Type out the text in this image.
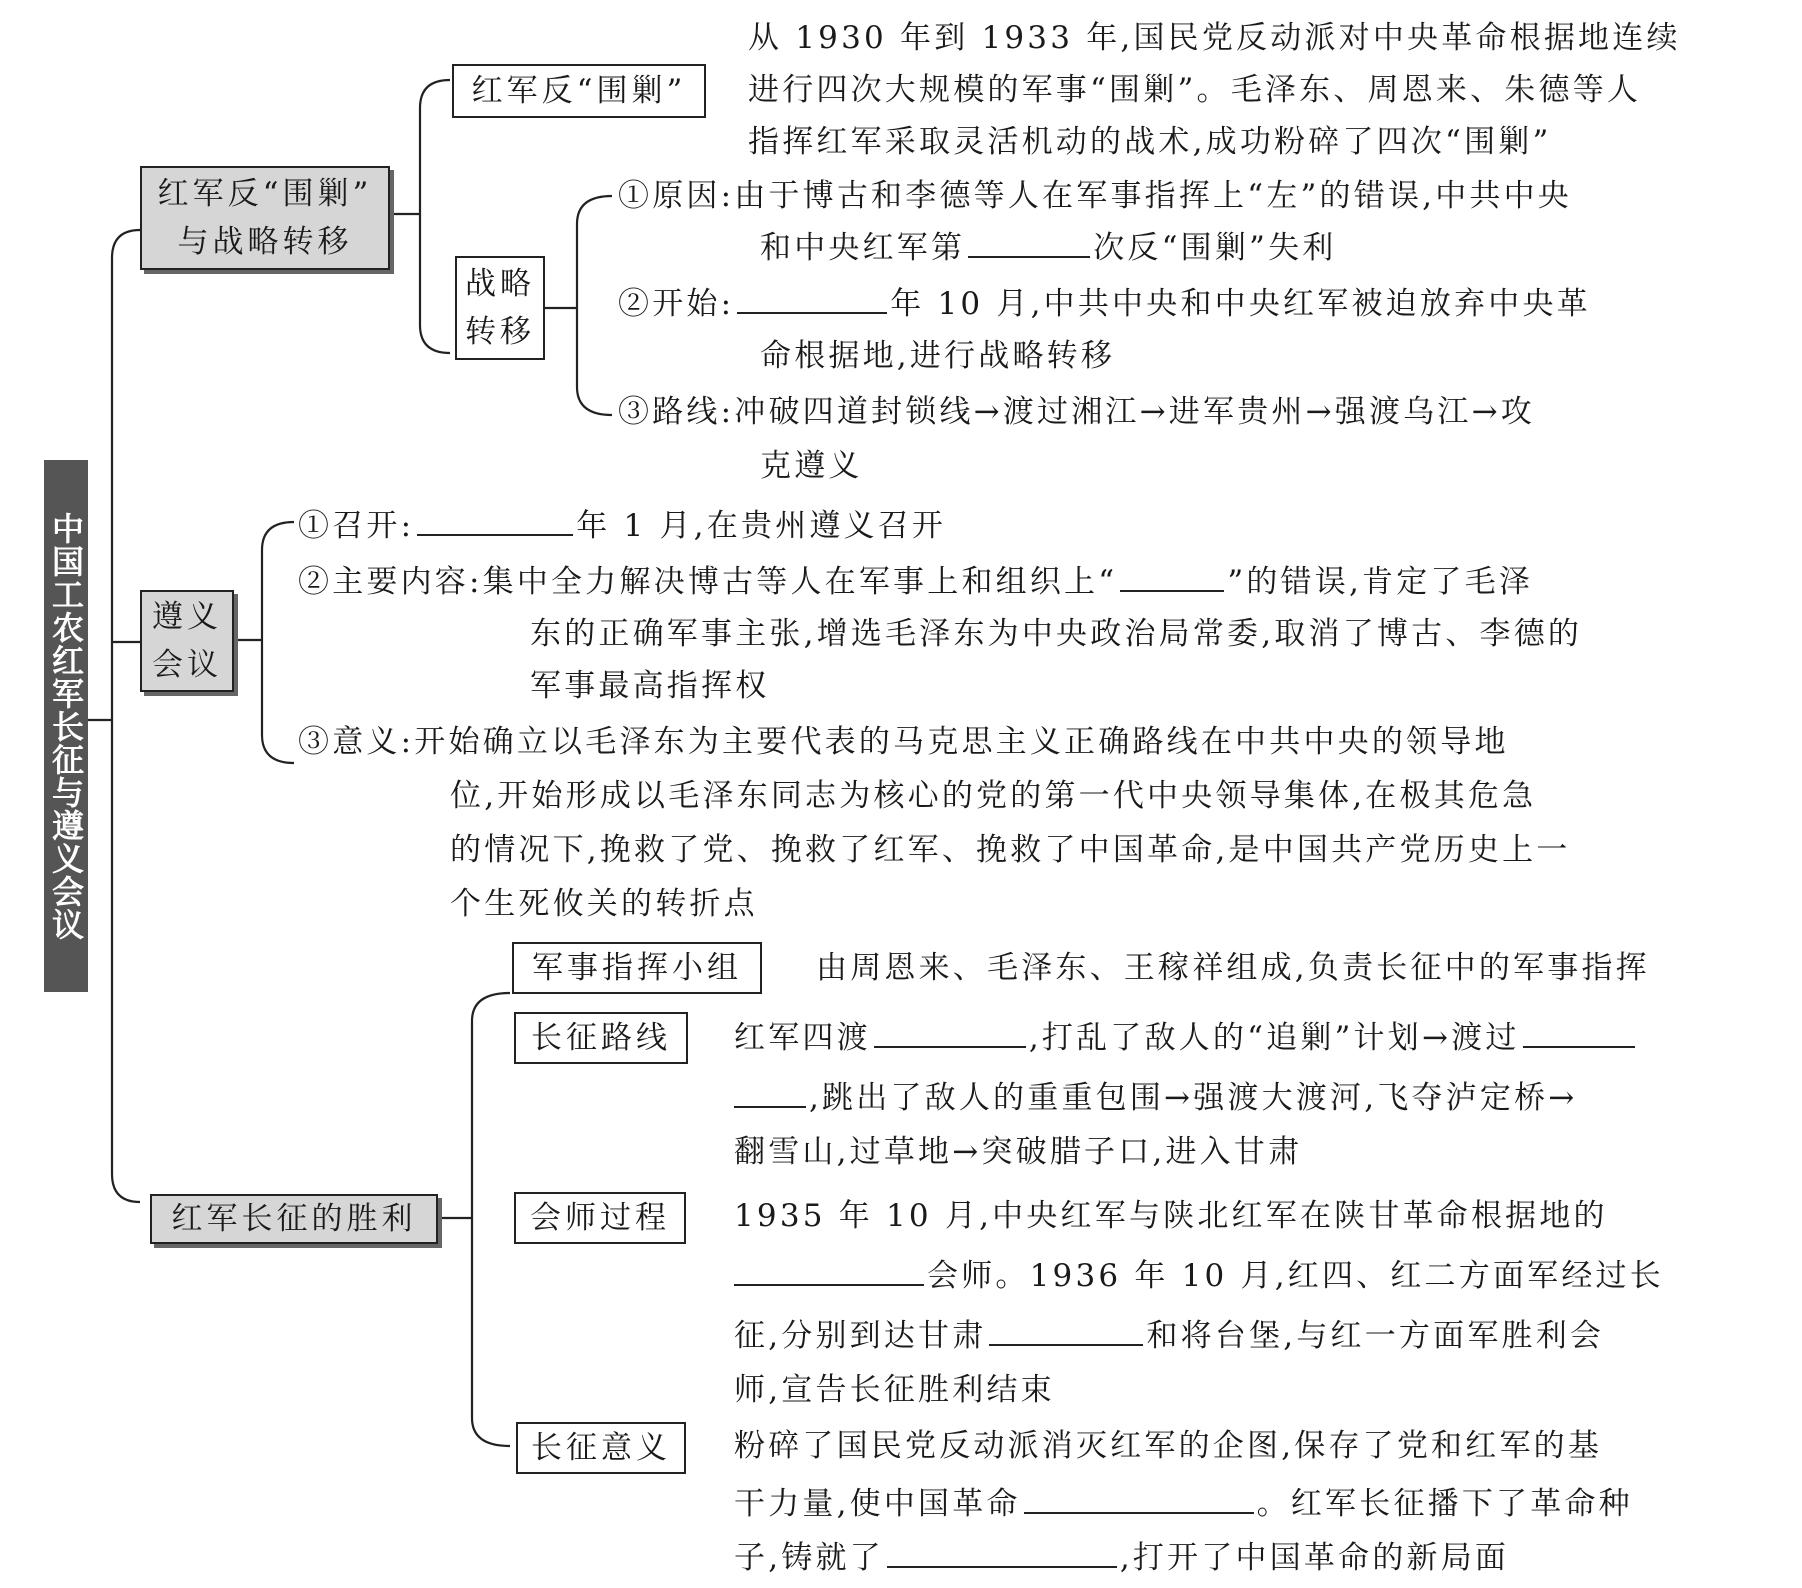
中国工农红军长征与遵义会议
红军反“围剿”
与战略转移
红军反“围剿”
从 1930 年到 1933 年,国民党反动派对中央革命根据地连续
进行四次大规模的军事“围剿”。毛泽东、周恩来、朱德等人
指挥红军采取灵活机动的战术,成功粉碎了四次“围剿”
战略
转移
①原因:由于博古和李德等人在军事指挥上“左”的错误,中共中央
和中央红军第	次反“围剿”失利
②开始:	年 10 月,中共中央和中央红军被迫放弃中央革
命根据地,进行战略转移
③路线:冲破四道封锁线→渡过湘江→进军贵州→强渡乌江→攻
克遵义
遵义
会议
①召开:	年 1 月,在贵州遵义召开
②主要内容:集中全力解决博古等人在军事上和组织上“	”的错误,肯定了毛泽
东的正确军事主张,增选毛泽东为中央政治局常委,取消了博古、李德的
军事最高指挥权
③意义:开始确立以毛泽东为主要代表的马克思主义正确路线在中共中央的领导地
位,开始形成以毛泽东同志为核心的党的第一代中央领导集体,在极其危急
的情况下,挽救了党、挽救了红军、挽救了中国革命,是中国共产党历史上一
个生死攸关的转折点
红军长征的胜利
军事指挥小组	由周恩来、毛泽东、王稼祥组成,负责长征中的军事指挥
长征路线	红军四渡	,打乱了敌人的“追剿”计划→渡过
,跳出了敌人的重重包围→强渡大渡河,飞夺泸定桥→
翻雪山,过草地→突破腊子口,进入甘肃
会师过程	1935 年 10 月,中央红军与陕北红军在陕甘革命根据地的
会师。1936 年 10 月,红四、红二方面军经过长
征,分别到达甘肃	和将台堡,与红一方面军胜利会
师,宣告长征胜利结束
长征意义	粉碎了国民党反动派消灭红军的企图,保存了党和红军的基
干力量,使中国革命	。红军长征播下了革命种
子,铸就了	,打开了中国革命的新局面
